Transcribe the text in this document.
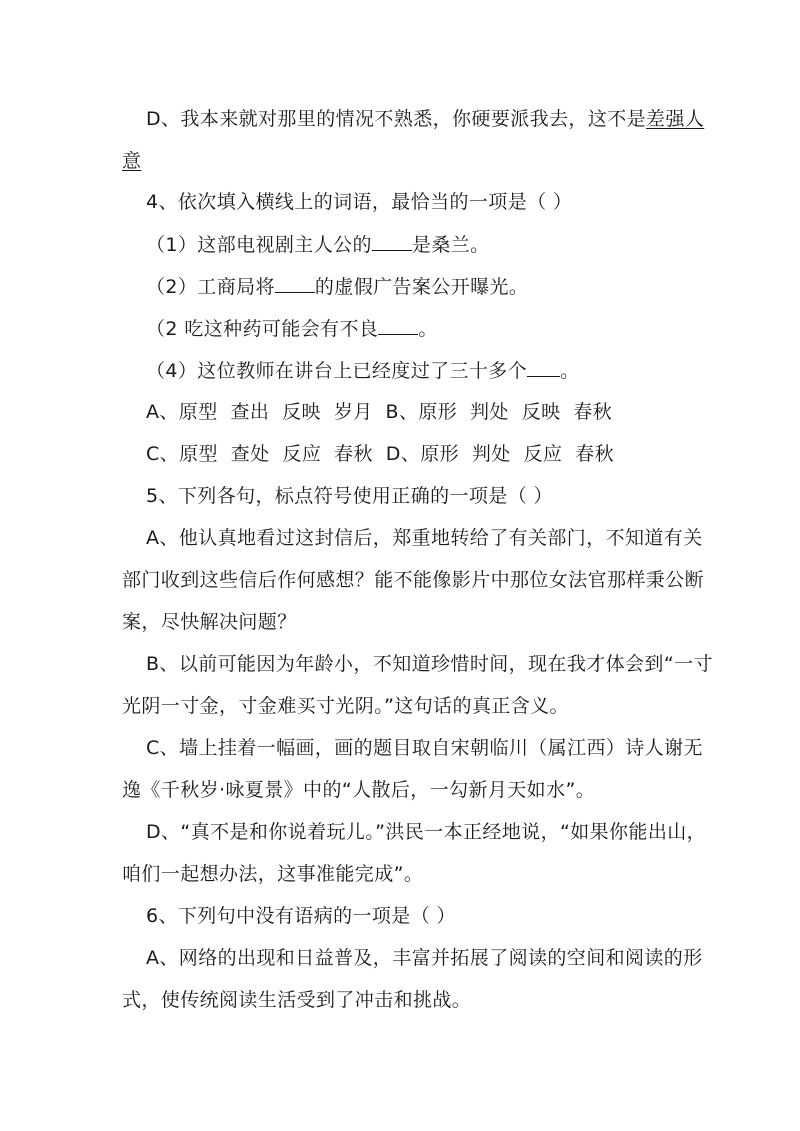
D、我本来就对那里的情况不熟悉，你硬要派我去，这不是差强人
意
4、依次填入横线上的词语，最恰当的一项是（ ）
（1）这部电视剧主人公的 是桑兰。
（2）工商局将 的虚假广告案公开曝光。
（2 吃这种药可能会有不良 。
（4）这位教师在讲台上已经度过了三十多个 。
A、原型  查出  反映  岁月  B、原形  判处  反映  春秋
C、原型  查处  反应  春秋  D、原形  判处  反应  春秋
5、下列各句，标点符号使用正确的一项是（ ）
A、他认真地看过这封信后，郑重地转给了有关部门，不知道有关
部门收到这些信后作何感想？能不能像影片中那位女法官那样秉公断
案，尽快解决问题？
B、以前可能因为年龄小，不知道珍惜时间，现在我才体会到“一寸
光阴一寸金，寸金难买寸光阴。”这句话的真正含义。
C、墙上挂着一幅画，画的题目取自宋朝临川（属江西）诗人谢无
逸《千秋岁·咏夏景》中的“人散后，一勾新月天如水”。
D、“真不是和你说着玩儿。”洪民一本正经地说，“如果你能出山，
咱们一起想办法，这事准能完成”。
6、下列句中没有语病的一项是（ ）
A、网络的出现和日益普及，丰富并拓展了阅读的空间和阅读的形
式，使传统阅读生活受到了冲击和挑战。
